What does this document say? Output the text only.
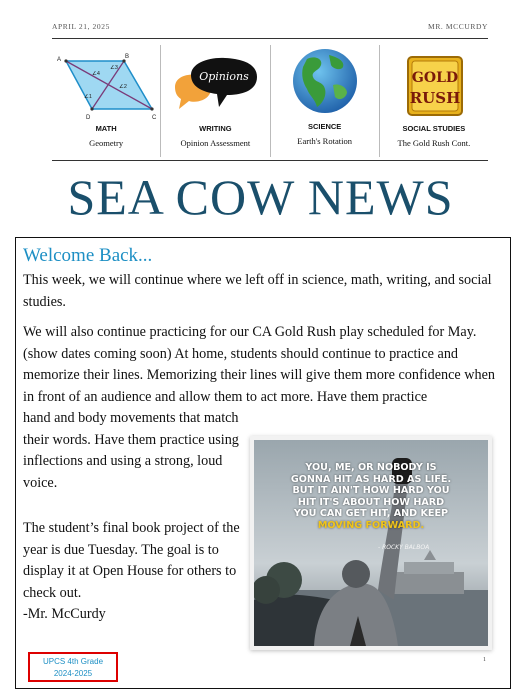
APRIL 21, 2025	MR. MCCURDY
A	B
C
D
∠1
∠2
∠3
∠4
MATH
Geometry
Opinions
WRITING
Opinion Assessment
SCIENCE
Earth's Rotation
GOLD
RUSH
SOCIAL STUDIES
The Gold Rush Cont.
SEA COW NEWS
Welcome Back...
This week, we will continue where we left off in science, math, writing, and social studies.
We will also continue practicing for our CA Gold Rush play scheduled for May. (show dates coming soon) At home, students should continue to practice and memorize their lines. Memorizing their lines will give them more confidence when in front of an audience and allow them to act more. Have them practice
hand and body movements that match their words. Have them practice using inflections and using a strong, loud voice.
The student’s final book project of the year is due Tuesday. The goal is to display it at Open House for others to check out.
-Mr. McCurdy
YOU, ME, OR NOBODY IS
GONNA HIT AS HARD AS LIFE.
BUT IT AIN'T HOW HARD YOU
HIT IT'S ABOUT HOW HARD
YOU CAN GET HIT, AND KEEP
MOVING FORWARD.
- ROCKY BALBOA
UPCS 4th Grade
2024-2025
1
